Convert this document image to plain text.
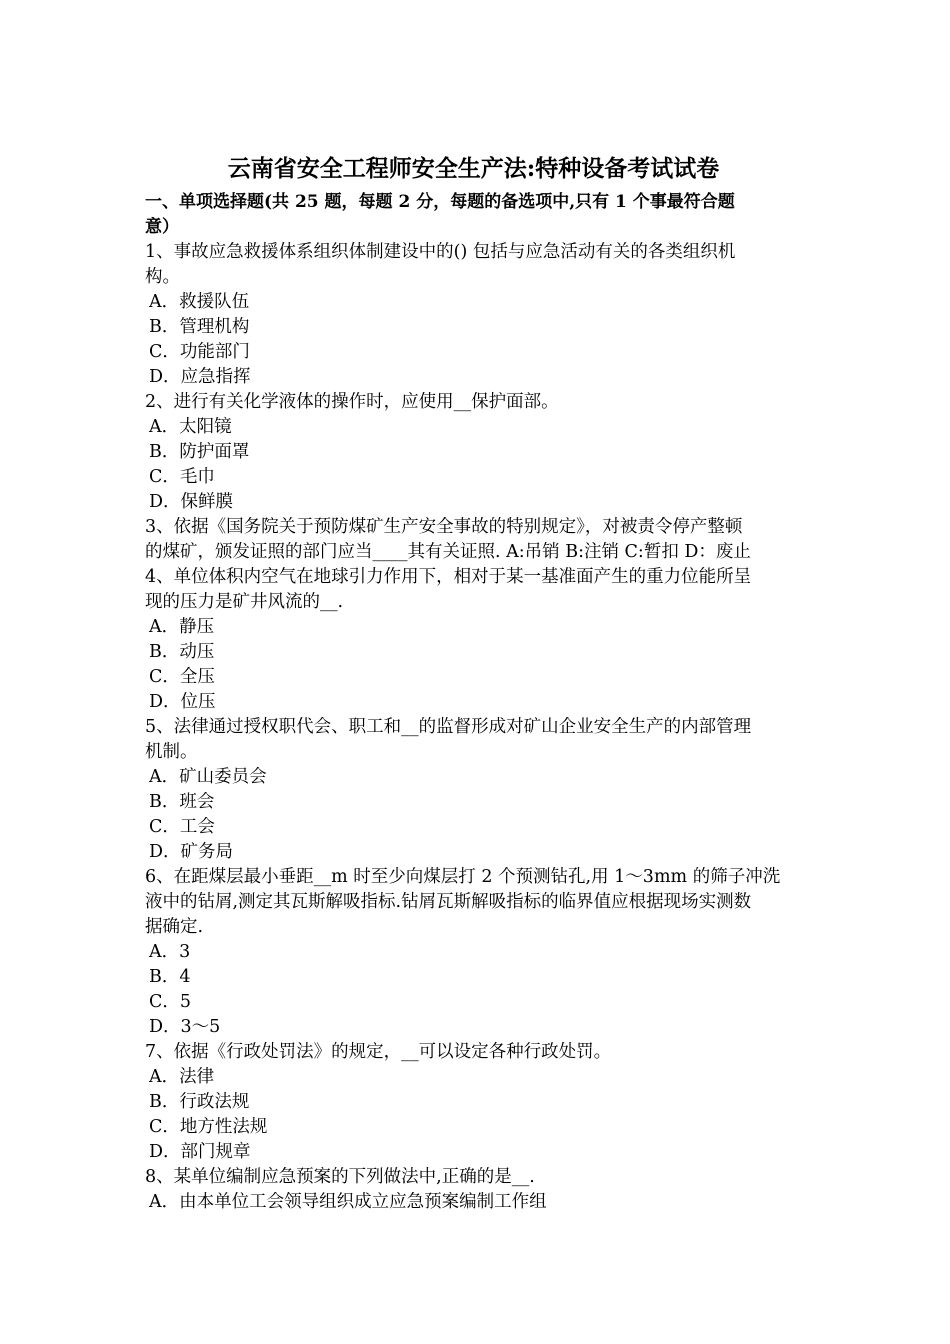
云南省安全工程师安全生产法:特种设备考试试卷
一、单项选择题(共 25 题，每题 2 分，每题的备选项中,只有 1 个事最符合题
意）
1、事故应急救援体系组织体制建设中的() 包括与应急活动有关的各类组织机
构。
A．救援队伍
B．管理机构
C．功能部门
D．应急指挥
2、进行有关化学液体的操作时，应使用__保护面部。
A．太阳镜
B．防护面罩
C．毛巾
D．保鲜膜
3、依据《国务院关于预防煤矿生产安全事故的特别规定》，对被责令停产整顿
的煤矿，颁发证照的部门应当____其有关证照. A:吊销 B:注销 C:暂扣 D：废止
4、单位体积内空气在地球引力作用下，相对于某一基准面产生的重力位能所呈
现的压力是矿井风流的__.
A．静压
B．动压
C．全压
D．位压
5、法律通过授权职代会、职工和__的监督形成对矿山企业安全生产的内部管理
机制。
A．矿山委员会
B．班会
C．工会
D．矿务局
6、在距煤层最小垂距__m 时至少向煤层打 2 个预测钻孔,用 1～3mm 的筛子冲洗
液中的钻屑,测定其瓦斯解吸指标.钻屑瓦斯解吸指标的临界值应根据现场实测数
据确定.
A．3
B．4
C．5
D．3～5
7、依据《行政处罚法》的规定，__可以设定各种行政处罚。
A．法律
B．行政法规
C．地方性法规
D．部门规章
8、某单位编制应急预案的下列做法中,正确的是__.
A．由本单位工会领导组织成立应急预案编制工作组
